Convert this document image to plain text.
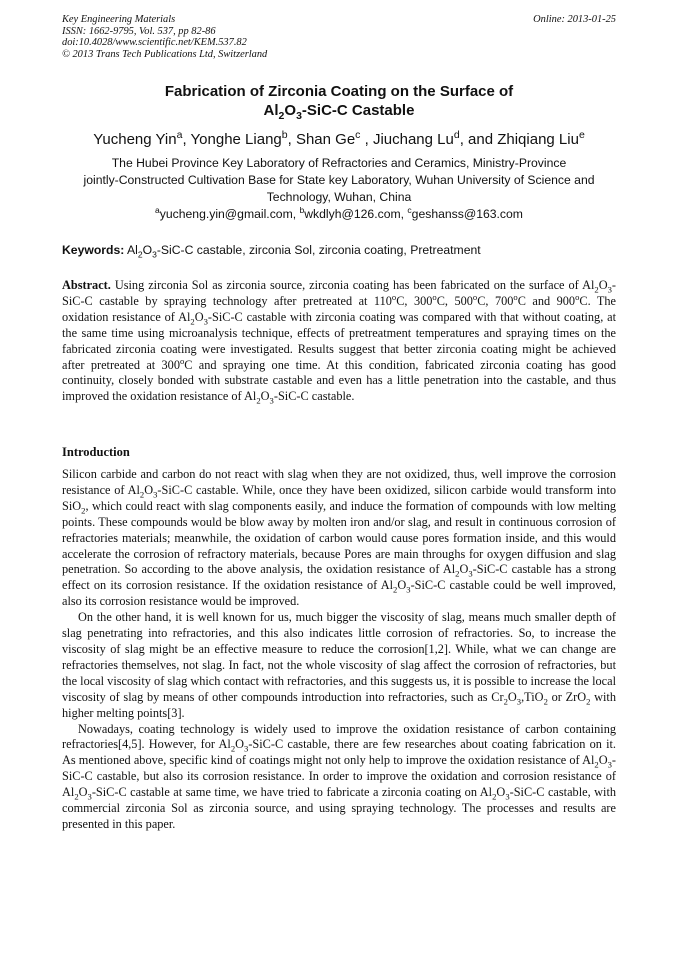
Key Engineering Materials	Online: 2013-01-25
ISSN: 1662-9795, Vol. 537, pp 82-86
doi:10.4028/www.scientific.net/KEM.537.82
© 2013 Trans Tech Publications Ltd, Switzerland
Fabrication of Zirconia Coating on the Surface of
$Al_2O_3-SiC-C$ Castable
Yucheng Yin$^a$, Yonghe Liang$^b$, Shan Ge$^c$ , Jiuchang Lu$^d$, and Zhiqiang Liu$^e$
The Hubei Province Key Laboratory of Refractories and Ceramics, Ministry-Province
jointly-Constructed Cultivation Base for State key Laboratory, Wuhan University of Science and
Technology, Wuhan, China
$^a$yucheng.yin@gmail.com, $^b$wkdlyh@126.com, $^c$geshanss@163.com
Keywords: $Al_2O_3-SiC-C$ castable, zirconia Sol, zirconia coating, Pretreatment

Abstract. Using zirconia Sol as zirconia source, zirconia coating has been fabricated on the surface of $Al_2O_3-SiC-C$ castable by spraying technology after pretreated at 110$^o$C, 300$^o$C, 500$^o$C, 700$^o$C and 900$^o$C. The oxidation resistance of $Al_2O_3-SiC-C$ castable with zirconia coating was compared with that without coating, at the same time using microanalysis technique, effects of pretreatment temperatures and spraying times on the fabricated zirconia coating were investigated. Results suggest that better zirconia coating might be achieved after pretreated at 300$^o$C and spraying one time. At this condition, fabricated zirconia coating has good continuity, closely bonded with substrate castable and even has a little penetration into the castable, and thus improved the oxidation resistance of $Al_2O_3-SiC-C$ castable.

Introduction

Silicon carbide and carbon do not react with slag when they are not oxidized, thus, well improve the corrosion resistance of $Al_2O_3-SiC-C$ castable. While, once they have been oxidized, silicon carbide would transform into SiO$_2$, which could react with slag components easily, and induce the formation of compounds with low melting points. These compounds would be blow away by molten iron and/or slag, and result in continuous corrosion of refractories materials; meanwhile, the oxidation of carbon would cause pores formation inside, and this would accelerate the corrosion of refractory materials, because Pores are main throughs for oxygen diffusion and slag penetration. So according to the above analysis, the oxidation resistance of $Al_2O_3-SiC-C$ castable has a strong effect on its corrosion resistance. If the oxidation resistance of $Al_2O_3-SiC-C$ castable could be well improved, also its corrosion resistance would be improved.

On the other hand, it is well known for us, much bigger the viscosity of slag, means much smaller depth of slag penetrating into refractories, and this also indicates little corrosion of refractories. So, to increase the viscosity of slag might be an effective measure to reduce the corrosion[1,2]. While, what we can change are refractories themselves, not slag. In fact, not the whole viscosity of slag affect the corrosion of refractories, but the local viscosity of slag which contact with refractories, and this suggests us, it is possible to increase the local viscosity of slag by means of other compounds introduction into refractories, such as $Cr_2O_3,TiO_2$ or ZrO$_2$ with higher melting points[3].

Nowadays, coating technology is widely used to improve the oxidation resistance of carbon containing refractories[4,5]. However, for $Al_2O_3-SiC-C$ castable, there are few researches about coating fabrication on it. As mentioned above, specific kind of coatings might not only help to improve the oxidation resistance of $Al_2O_3-SiC-C$ castable, but also its corrosion resistance. In order to improve the oxidation and corrosion resistance of $Al_2O_3-SiC-C$ castable at same time, we have tried to fabricate a zirconia coating on $Al_2O_3-SiC-C$ castable, with commercial zirconia Sol as zirconia source, and using spraying technology. The processes and results are presented in this paper.
